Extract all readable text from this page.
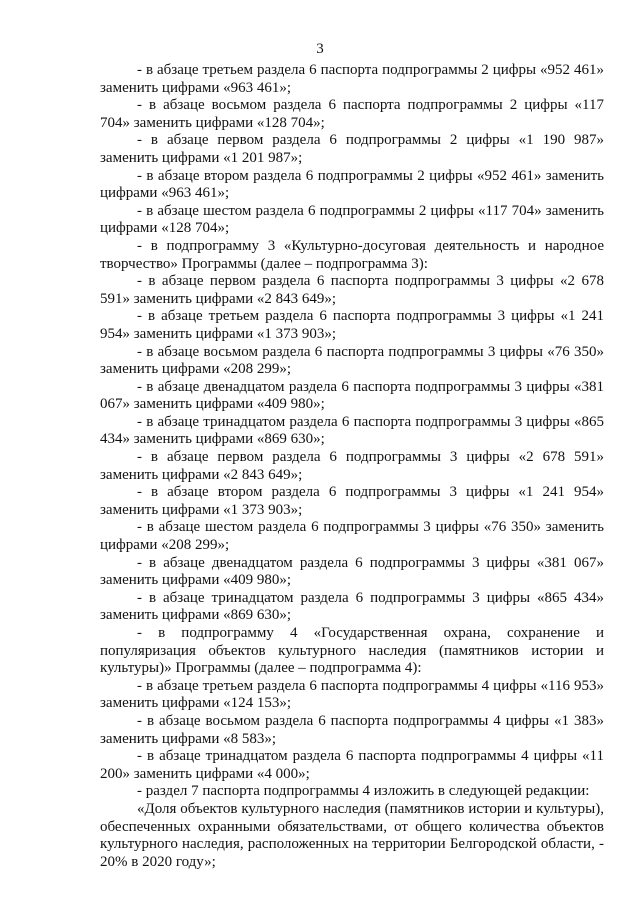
3

- в абзаце третьем раздела 6 паспорта подпрограммы 2 цифры «952 461» заменить цифрами «963 461»;

- в абзаце восьмом раздела 6 паспорта подпрограммы 2 цифры «117 704» заменить цифрами «128 704»;

- в абзаце первом раздела 6 подпрограммы 2 цифры «1 190 987» заменить цифрами «1 201 987»;

- в абзаце втором раздела 6 подпрограммы 2 цифры «952 461» заменить цифрами «963 461»;

- в абзаце шестом раздела 6 подпрограммы 2 цифры «117 704» заменить цифрами «128 704»;

- в подпрограмму 3 «Культурно-досуговая деятельность и народное творчество» Программы (далее – подпрограмма 3):

- в абзаце первом раздела 6 паспорта подпрограммы 3 цифры «2 678 591» заменить цифрами «2 843 649»;

- в абзаце третьем раздела 6 паспорта подпрограммы 3 цифры «1 241 954» заменить цифрами «1 373 903»;

- в абзаце восьмом раздела 6 паспорта подпрограммы 3 цифры «76 350» заменить цифрами «208 299»;

- в абзаце двенадцатом раздела 6 паспорта подпрограммы 3 цифры «381 067» заменить цифрами «409 980»;

- в абзаце тринадцатом раздела 6 паспорта подпрограммы 3 цифры «865 434» заменить цифрами «869 630»;

- в абзаце первом раздела 6 подпрограммы 3 цифры «2 678 591» заменить цифрами «2 843 649»;

- в абзаце втором раздела 6 подпрограммы 3 цифры «1 241 954» заменить цифрами «1 373 903»;

- в абзаце шестом раздела 6 подпрограммы 3 цифры «76 350» заменить цифрами «208 299»;

- в абзаце двенадцатом раздела 6 подпрограммы 3 цифры «381 067» заменить цифрами «409 980»;

- в абзаце тринадцатом раздела 6 подпрограммы 3 цифры «865 434» заменить цифрами «869 630»;

- в подпрограмму 4 «Государственная охрана, сохранение и популяризация объектов культурного наследия (памятников истории и культуры)» Программы (далее – подпрограмма 4):

- в абзаце третьем раздела 6 паспорта подпрограммы 4 цифры «116 953» заменить цифрами «124 153»;

- в абзаце восьмом раздела 6 паспорта подпрограммы 4 цифры «1 383» заменить цифрами «8 583»;

- в абзаце тринадцатом раздела 6 паспорта подпрограммы 4 цифры «11 200» заменить цифрами «4 000»;

- раздел 7 паспорта подпрограммы 4 изложить в следующей редакции:

«Доля объектов культурного наследия (памятников истории и культуры), обеспеченных охранными обязательствами, от общего количества объектов культурного наследия, расположенных на территории Белгородской области, - 20% в 2020 году»;
